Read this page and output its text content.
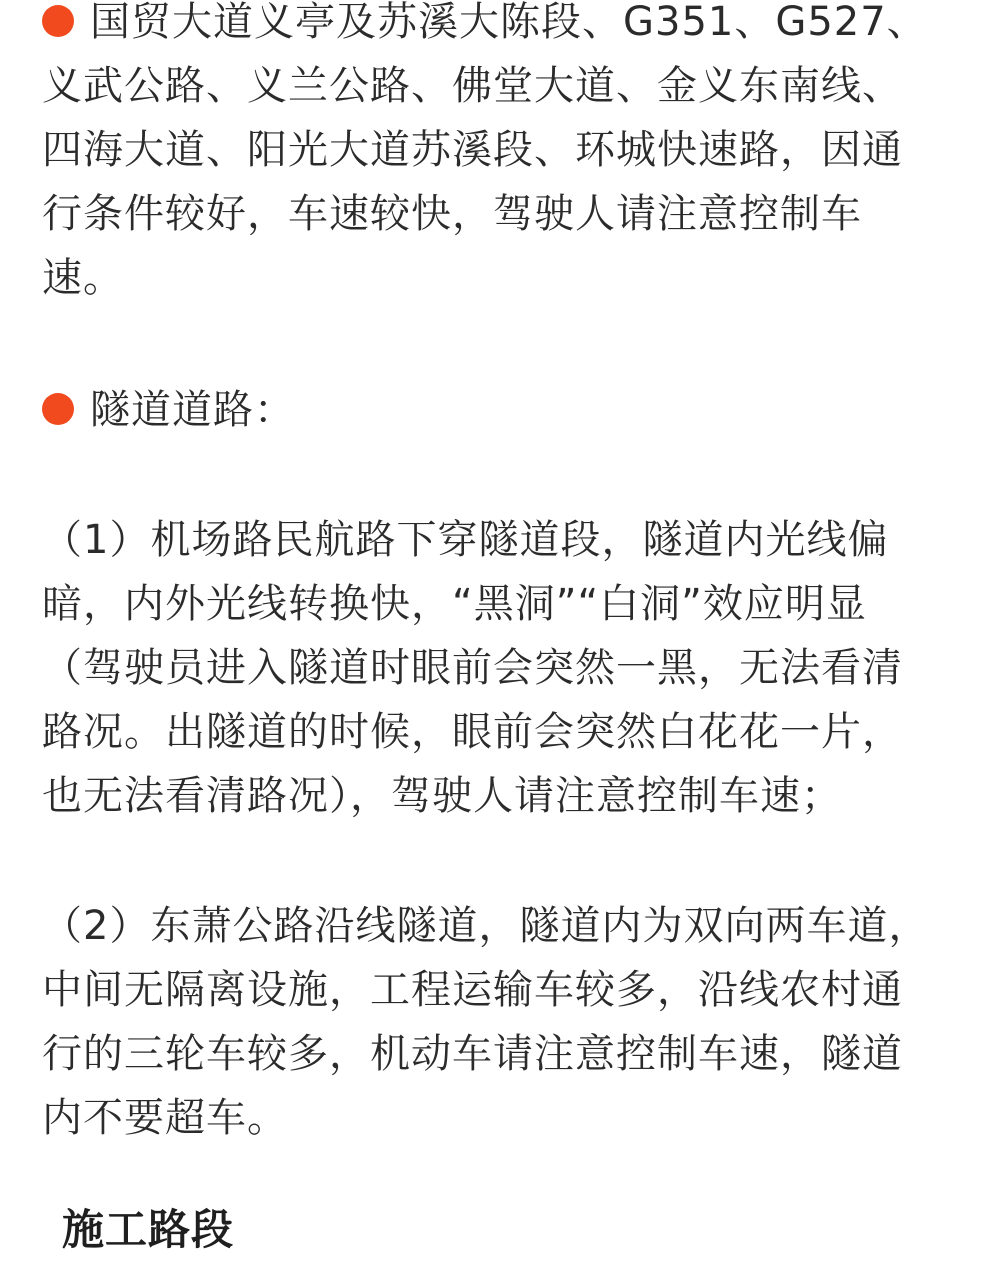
国贸大道义亭及苏溪大陈段、G351、G527、义武公路、义兰公路、佛堂大道、金义东南线、四海大道、阳光大道苏溪段、环城快速路，因通行条件较好，车速较快，驾驶人请注意控制车速。

隧道道路：

（1）机场路民航路下穿隧道段，隧道内光线偏暗，内外光线转换快，“黑洞”“白洞”效应明显（驾驶员进入隧道时眼前会突然一黑，无法看清路况。出隧道的时候，眼前会突然白花花一片，也无法看清路况），驾驶人请注意控制车速；

（2）东萧公路沿线隧道，隧道内为双向两车道，中间无隔离设施，工程运输车较多，沿线农村通行的三轮车较多，机动车请注意控制车速，隧道内不要超车。

施工路段
